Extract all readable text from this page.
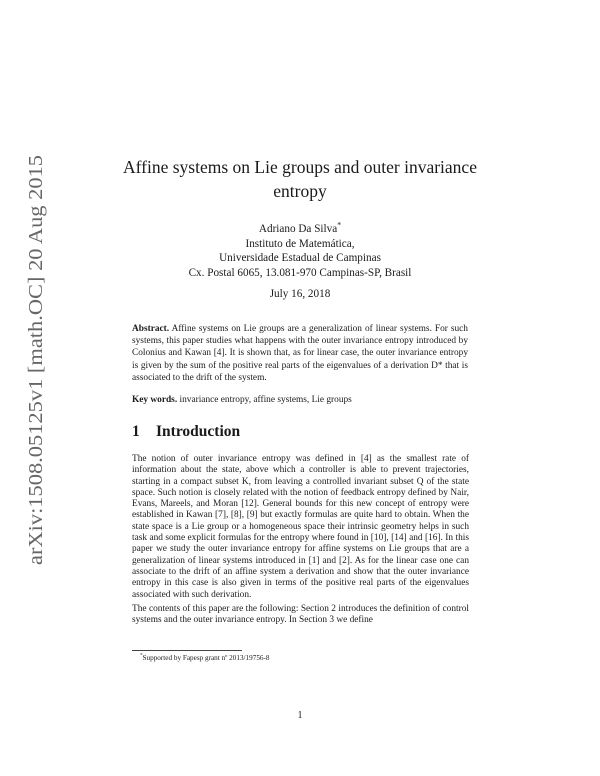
arXiv:1508.05125v1 [math.OC] 20 Aug 2015
Affine systems on Lie groups and outer invariance
entropy
Adriano Da Silva*
Instituto de Matemática,
Universidade Estadual de Campinas
Cx. Postal 6065, 13.081-970 Campinas-SP, Brasil
July 16, 2018
Abstract. Affine systems on Lie groups are a generalization of linear systems. For such systems, this paper studies what happens with the outer invariance entropy introduced by Colonius and Kawan [4]. It is shown that, as for linear case, the outer invariance entropy is given by the sum of the positive real parts of the eigenvalues of a derivation D* that is associated to the drift of the system.
Key words. invariance entropy, affine systems, Lie groups
1 Introduction

The notion of outer invariance entropy was defined in [4] as the smallest rate of information about the state, above which a controller is able to prevent trajectories, starting in a compact subset K, from leaving a controlled invariant subset Q of the state space. Such notion is closely related with the notion of feedback entropy defined by Nair, Evans, Mareels, and Moran [12]. General bounds for this new concept of entropy were established in Kawan [7], [8], [9] but exactly formulas are quite hard to obtain. When the state space is a Lie group or a homogeneous space their intrinsic geometry helps in such task and some explicit formulas for the entropy where found in [10], [14] and [16]. In this paper we study the outer invariance entropy for affine systems on Lie groups that are a generalization of linear systems introduced in [1] and [2]. As for the linear case one can associate to the drift of an affine system a derivation and show that the outer invariance entropy in this case is also given in terms of the positive real parts of the eigenvalues associated with such derivation.

The contents of this paper are the following: Section 2 introduces the definition of control systems and the outer invariance entropy. In Section 3 we define

*Supported by Fapesp grant nº 2013/19756-8
1
